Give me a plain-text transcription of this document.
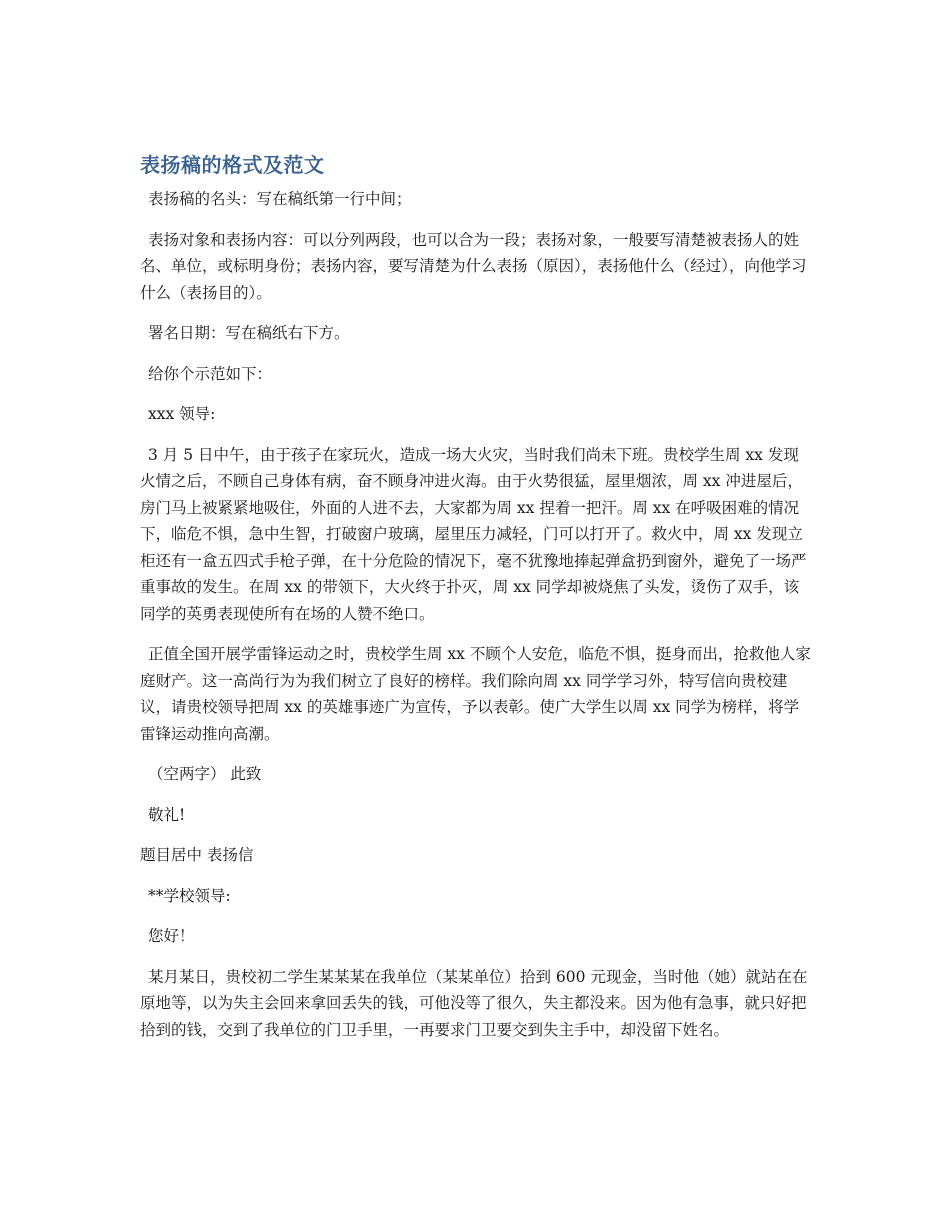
表扬稿的格式及范文

表扬稿的名头：写在稿纸第一行中间；

表扬对象和表扬内容：可以分列两段，也可以合为一段；表扬对象，一般要写清楚被表扬人的姓名、单位，或标明身份；表扬内容，要写清楚为什么表扬（原因），表扬他什么（经过），向他学习什么（表扬目的）。

署名日期：写在稿纸右下方。

给你个示范如下：

xxx 领导:

3 月 5 日中午，由于孩子在家玩火，造成一场大火灾，当时我们尚未下班。贵校学生周 xx 发现火情之后，不顾自己身体有病，奋不顾身冲进火海。由于火势很猛，屋里烟浓，周 xx 冲进屋后，房门马上被紧紧地吸住，外面的人进不去，大家都为周 xx 捏着一把汗。周 xx 在呼吸困难的情况下，临危不惧，急中生智，打破窗户玻璃，屋里压力减轻，门可以打开了。救火中，周 xx 发现立柜还有一盒五四式手枪子弹，在十分危险的情况下，毫不犹豫地捧起弹盒扔到窗外，避免了一场严重事故的发生。在周 xx 的带领下，大火终于扑灭，周 xx 同学却被烧焦了头发，烫伤了双手，该同学的英勇表现使所有在场的人赞不绝口。

正值全国开展学雷锋运动之时，贵校学生周 xx 不顾个人安危，临危不惧，挺身而出，抢救他人家庭财产。这一高尚行为为我们树立了良好的榜样。我们除向周 xx 同学学习外，特写信向贵校建议，请贵校领导把周 xx 的英雄事迹广为宣传，予以表彰。使广大学生以周 xx 同学为榜样，将学雷锋运动推向高潮。

（空两字） 此致

敬礼!

题目居中 表扬信

**学校领导:

您好！

某月某日，贵校初二学生某某某在我单位（某某单位）拾到 600 元现金，当时他（她）就站在在原地等，以为失主会回来拿回丢失的钱，可他没等了很久，失主都没来。因为他有急事，就只好把拾到的钱，交到了我单位的门卫手里，一再要求门卫要交到失主手中，却没留下姓名。
